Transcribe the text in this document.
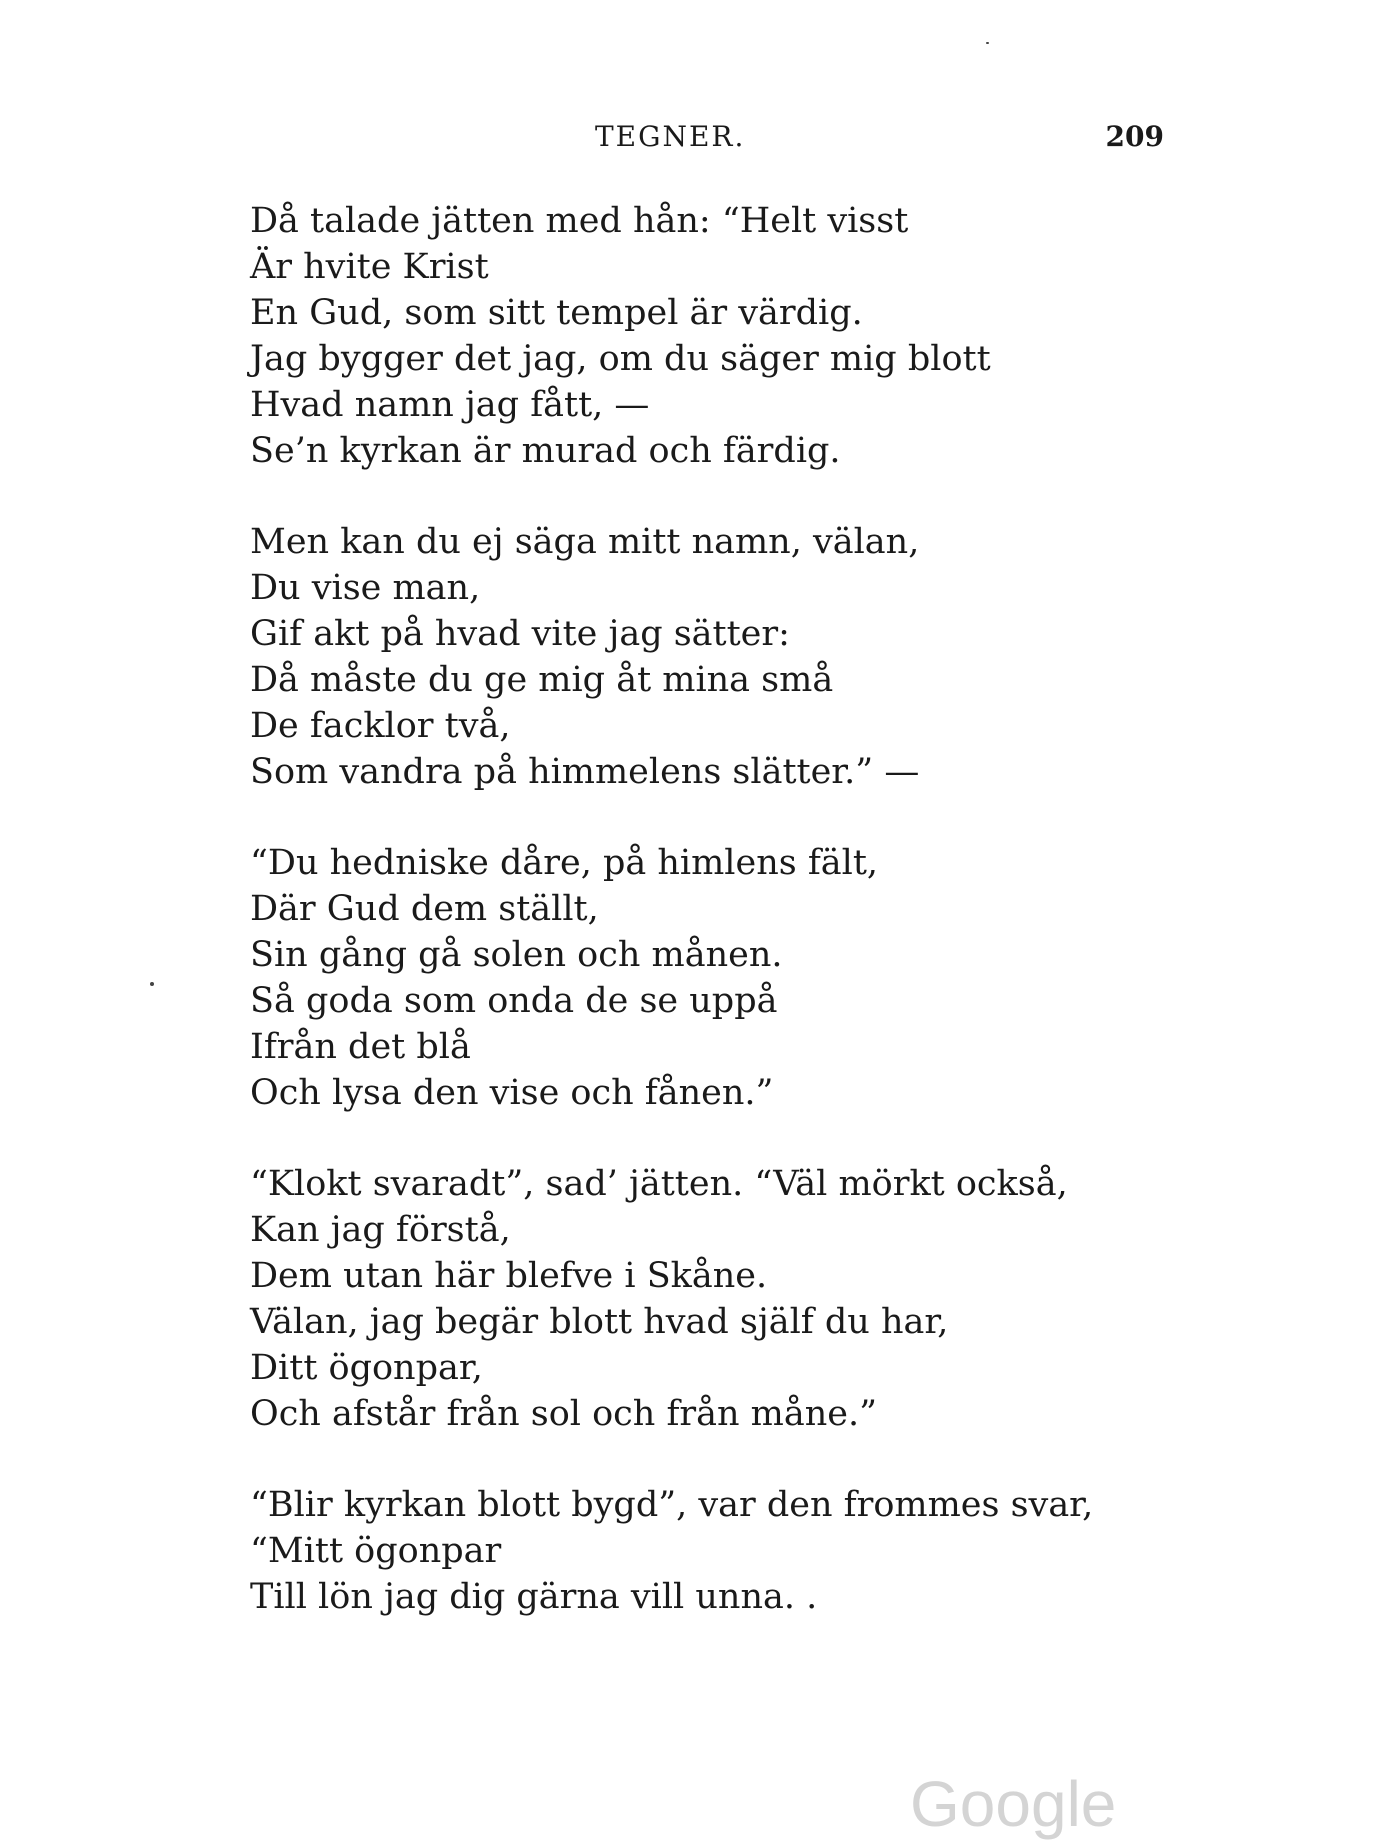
TEGNER.	209
Då talade jätten med hån: “Helt visst
Är hvite Krist
En Gud, som sitt tempel är värdig.
Jag bygger det jag, om du säger mig blott
Hvad namn jag fått, —
Se’n kyrkan är murad och färdig.
Men kan du ej säga mitt namn, välan,
Du vise man,
Gif akt på hvad vite jag sätter:
Då måste du ge mig åt mina små
De facklor två,
Som vandra på himmelens slätter.” —
“Du hedniske dåre, på himlens fält,
Där Gud dem ställt,
Sin gång gå solen och månen.
Så goda som onda de se uppå
Ifrån det blå
Och lysa den vise och fånen.”
“Klokt svaradt”, sad’ jätten. “Väl mörkt också,
Kan jag förstå,
Dem utan här blefve i Skåne.
Välan, jag begär blott hvad själf du har,
Ditt ögonpar,
Och afstår från sol och från måne.”
“Blir kyrkan blott bygd”, var den frommes svar,
“Mitt ögonpar
Till lön jag dig gärna vill unna. .
Google
